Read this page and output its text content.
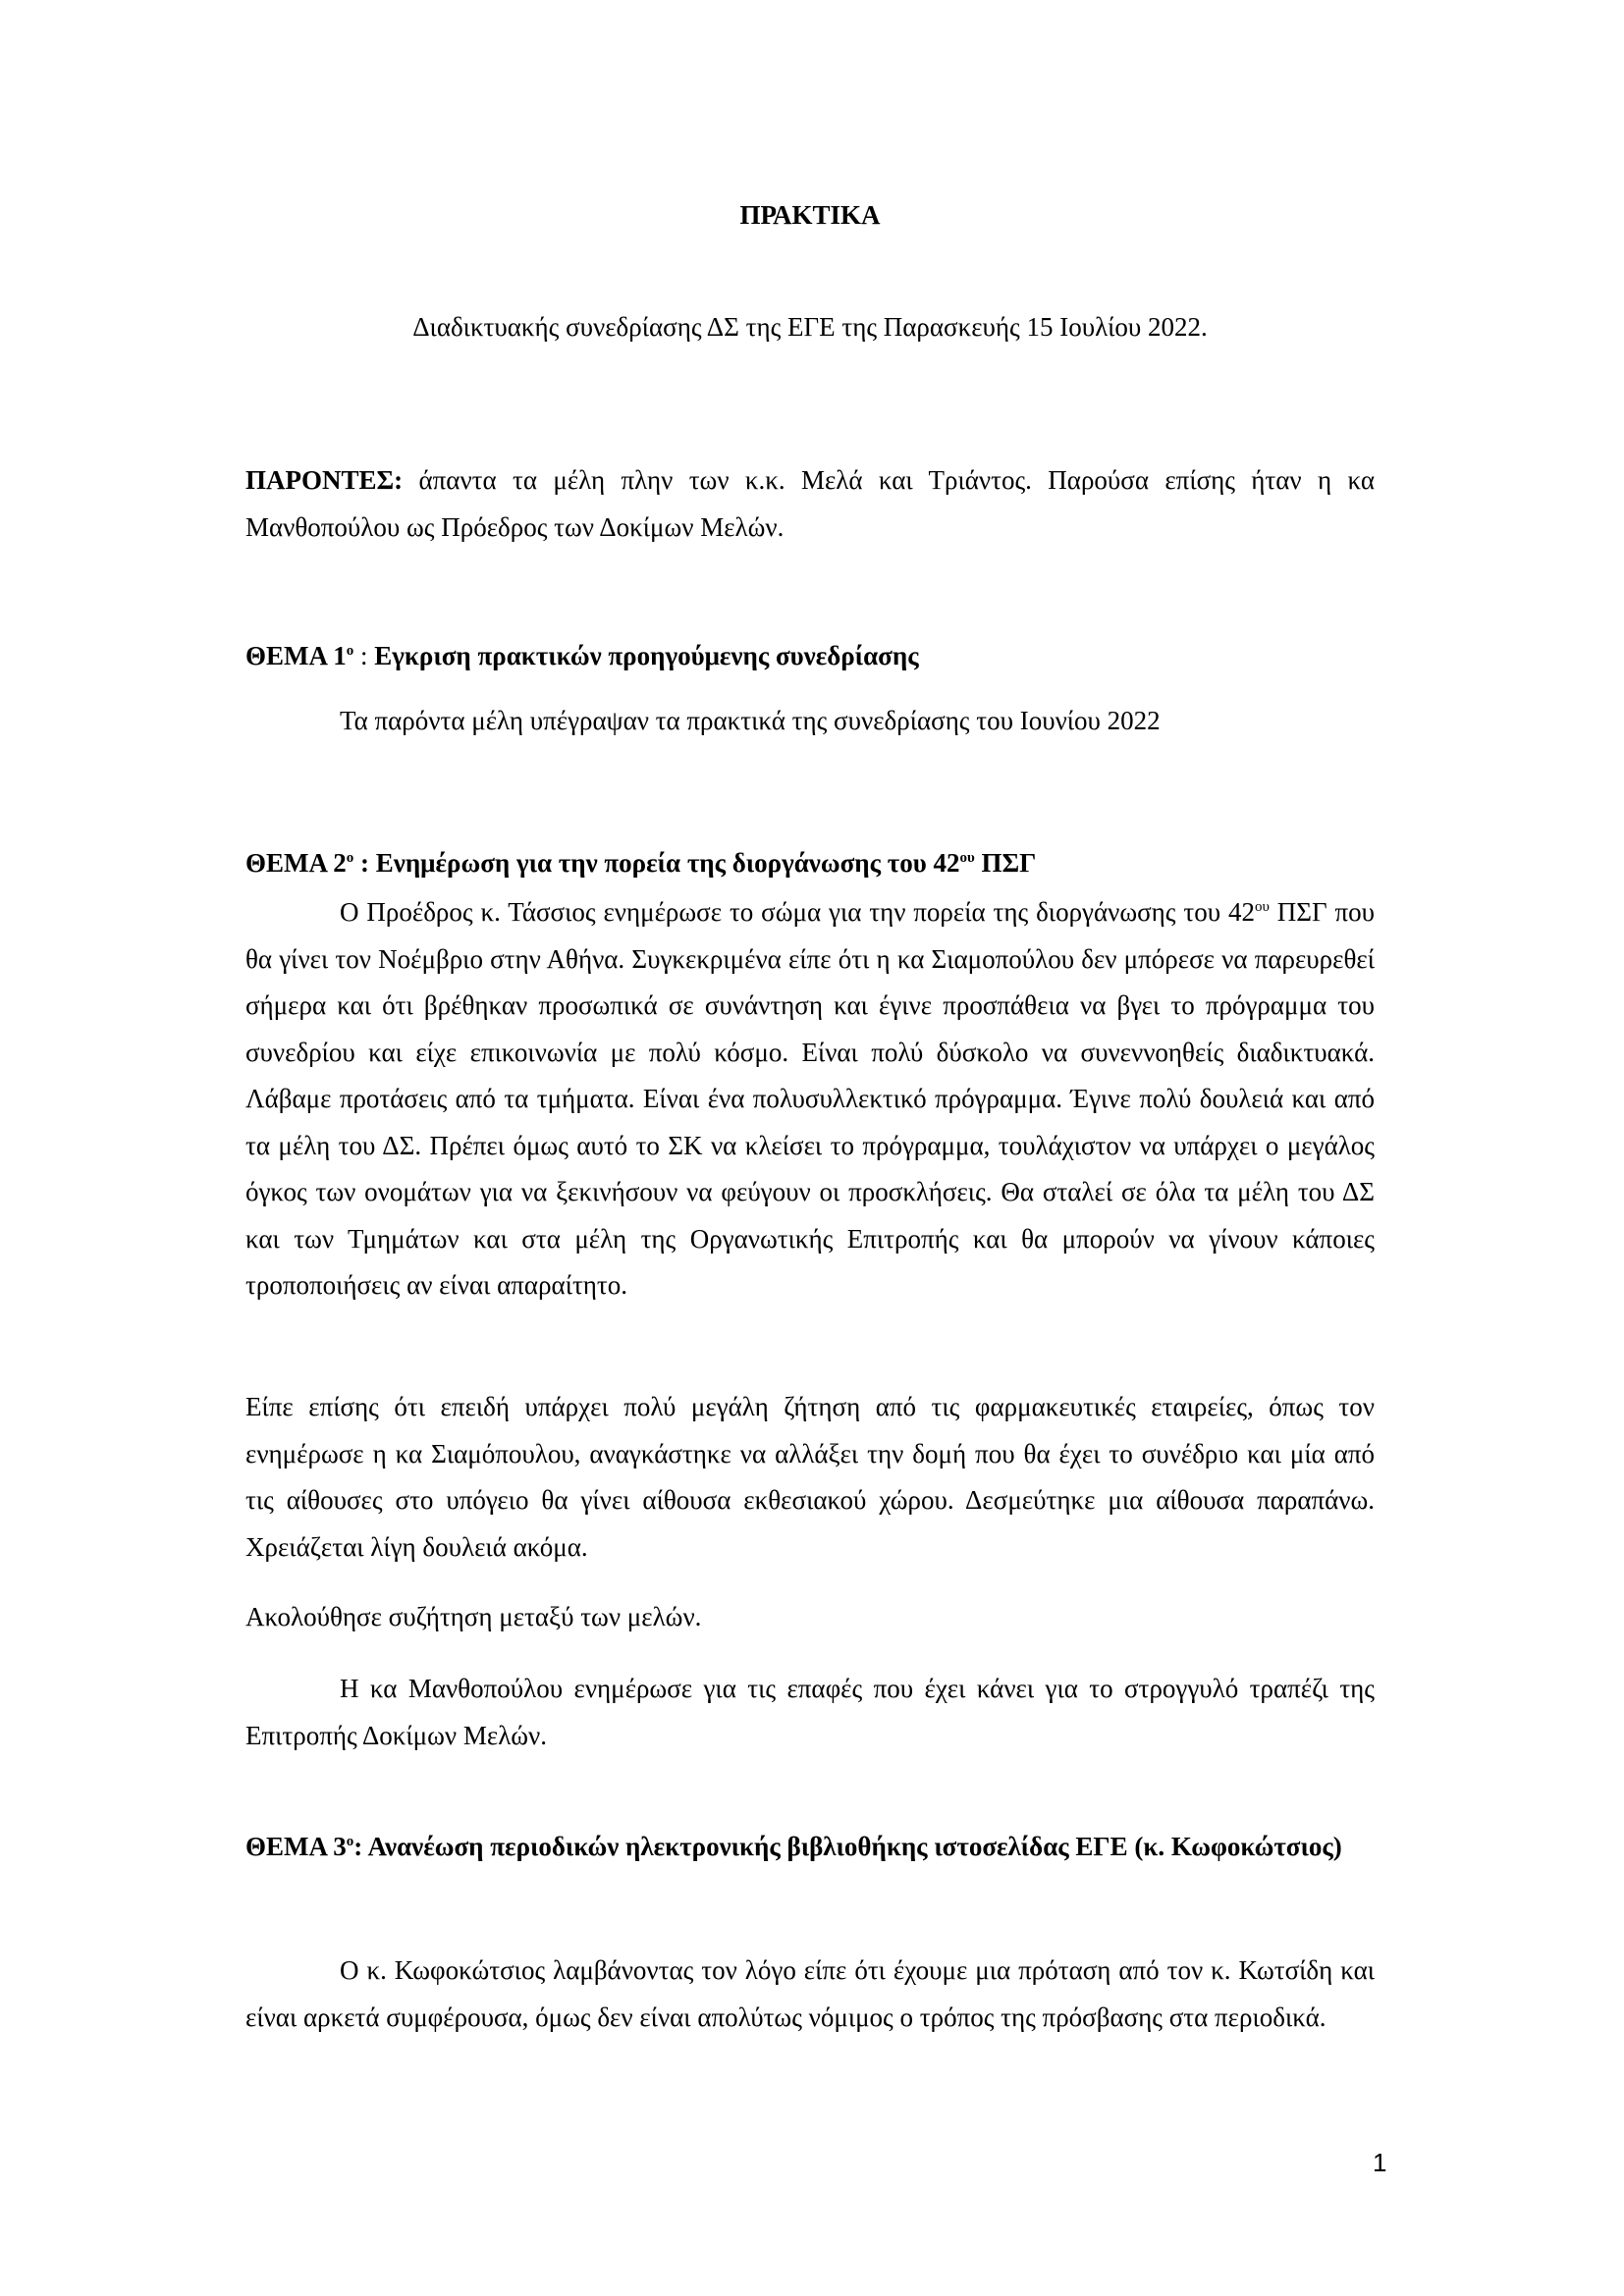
ΠΡΑΚΤΙΚΑ
Διαδικτυακής συνεδρίασης ΔΣ της ΕΓΕ της Παρασκευής 15 Ιουλίου 2022.

ΠΑΡΟΝΤΕΣ: άπαντα τα μέλη πλην των κ.κ. Μελά και Τριάντος. Παρούσα επίσης ήταν η κα Μανθοπούλου ως Πρόεδρος των Δοκίμων Μελών.

ΘΕΜΑ $1^o$ : Εγκριση πρακτικών προηγούμενης συνεδρίασης

Τα παρόντα μέλη υπέγραψαν τα πρακτικά της συνεδρίασης του Ιουνίου 2022

ΘΕΜΑ $2^o$ : Ενημέρωση για την πορεία της διοργάνωσης του $42^{o\upsilon}$ ΠΣΓ

Ο Προέδρος κ. Τάσσιος ενημέρωσε το σώμα για την πορεία της διοργάνωσης του $42^{o\upsilon}$ ΠΣΓ που θα γίνει τον Νοέμβριο στην Αθήνα. Συγκεκριμένα είπε ότι η κα Σιαμοπούλου δεν μπόρεσε να παρευρεθεί σήμερα και ότι βρέθηκαν προσωπικά σε συνάντηση και έγινε προσπάθεια να βγει το πρόγραμμα του συνεδρίου και είχε επικοινωνία με πολύ κόσμο. Είναι πολύ δύσκολο να συνεννοηθείς διαδικτυακά. Λάβαμε προτάσεις από τα τμήματα. Είναι ένα πολυσυλλεκτικό πρόγραμμα. Έγινε πολύ δουλειά και από τα μέλη του ΔΣ. Πρέπει όμως αυτό το ΣΚ να κλείσει το πρόγραμμα, τουλάχιστον να υπάρχει ο μεγάλος όγκος των ονομάτων για να ξεκινήσουν να φεύγουν οι προσκλήσεις. Θα σταλεί σε όλα τα μέλη του ΔΣ και των Τμημάτων και στα μέλη της Οργανωτικής Επιτροπής και θα μπορούν να γίνουν κάποιες τροποποιήσεις αν είναι απαραίτητο.

Είπε επίσης ότι επειδή υπάρχει πολύ μεγάλη ζήτηση από τις φαρμακευτικές εταιρείες, όπως τον ενημέρωσε η κα Σιαμόπουλου, αναγκάστηκε να αλλάξει την δομή που θα έχει το συνέδριο και μία από τις αίθουσες στο υπόγειο θα γίνει αίθουσα εκθεσιακού χώρου. Δεσμεύτηκε μια αίθουσα παραπάνω. Χρειάζεται λίγη δουλειά ακόμα.

Ακολούθησε συζήτηση μεταξύ των μελών.

Η κα Μανθοπούλου ενημέρωσε για τις επαφές που έχει κάνει για το στρογγυλό τραπέζι της Επιτροπής Δοκίμων Μελών.

ΘΕΜΑ $3^o$: Ανανέωση περιοδικών ηλεκτρονικής βιβλιοθήκης ιστοσελίδας ΕΓΕ (κ. Κωφοκώτσιος)

Ο κ. Κωφοκώτσιος λαμβάνοντας τον λόγο είπε ότι έχουμε μια πρόταση από τον κ. Κωτσίδη και είναι αρκετά συμφέρουσα, όμως δεν είναι απολύτως νόμιμος ο τρόπος της πρόσβασης στα περιοδικά.

1
